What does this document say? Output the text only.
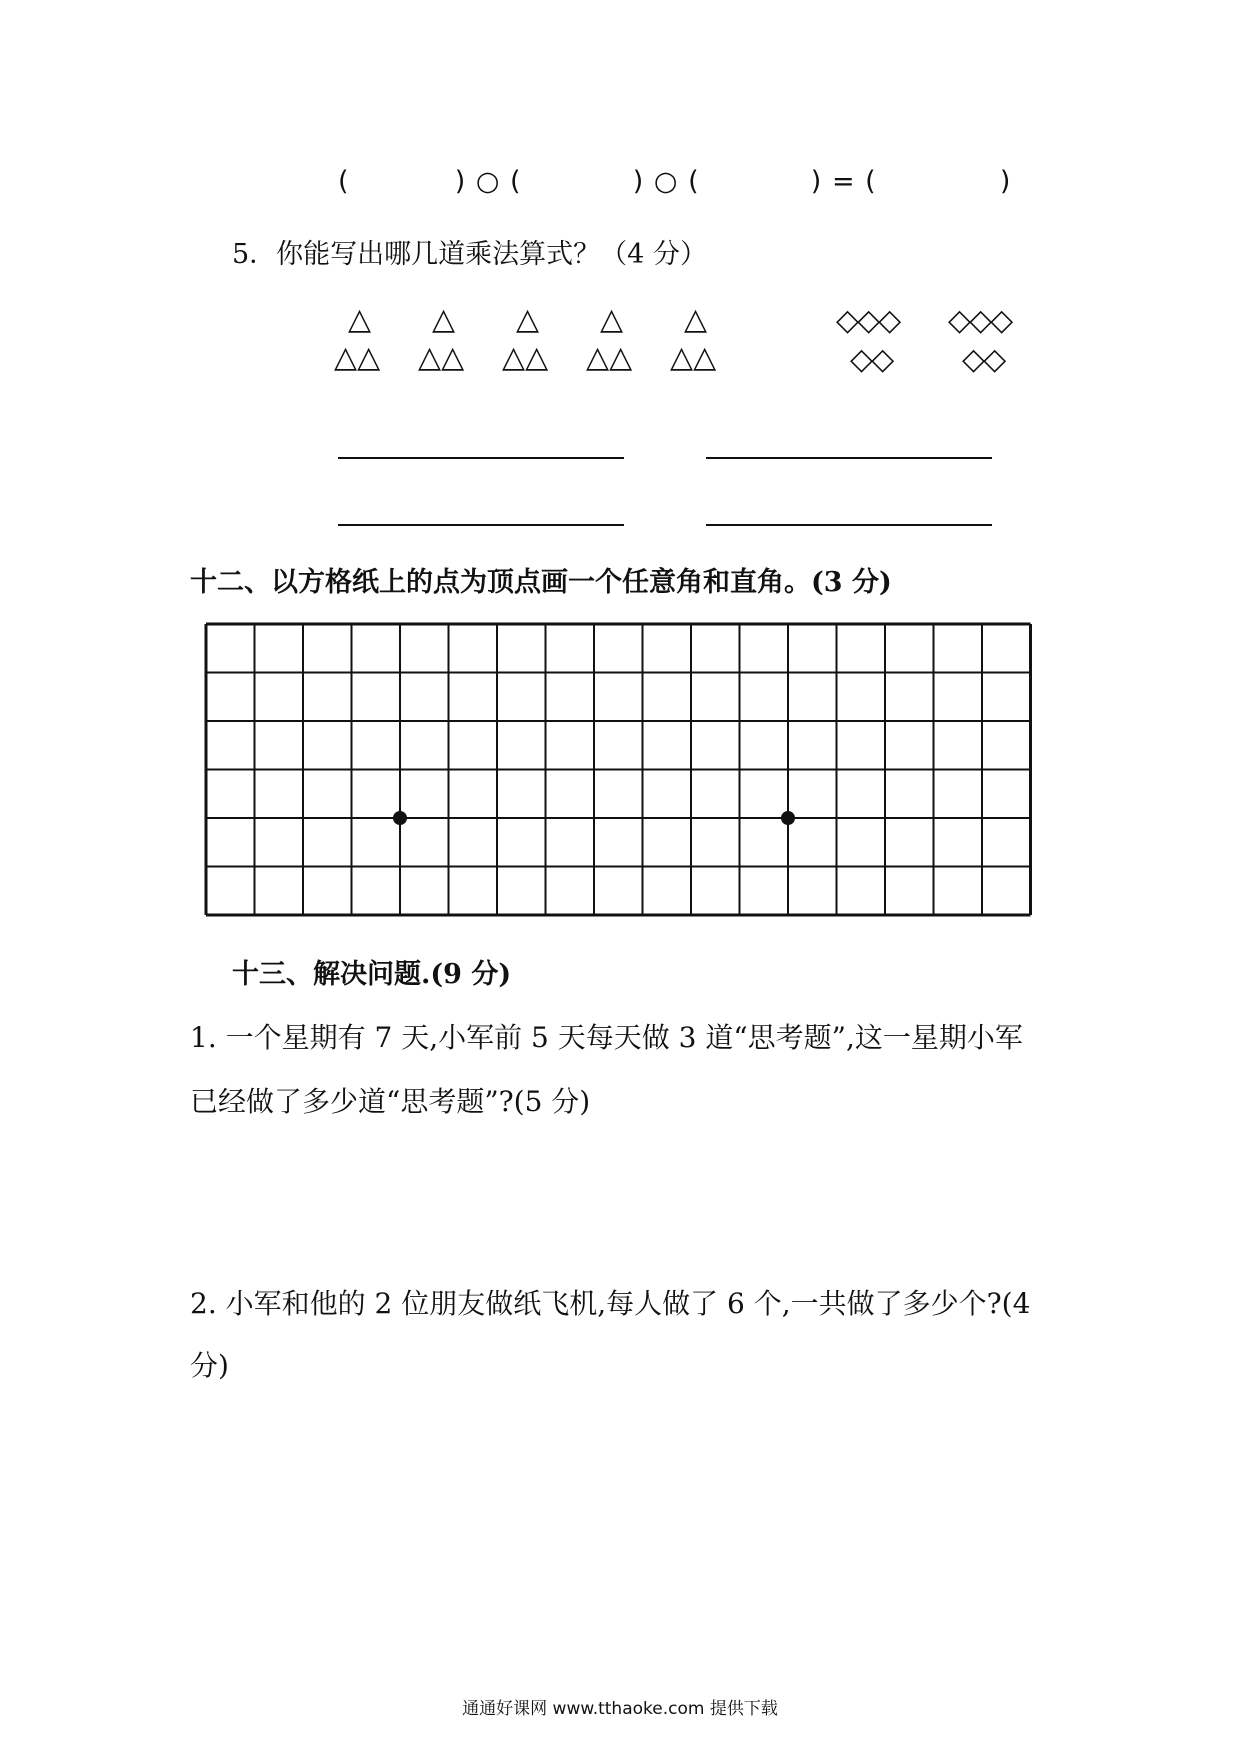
(	) ○ (	) ○ (	) = (	)
5．你能写出哪几道乘法算式？（4 分）
△
△△
△
△△
△
△△
△
△△
△
△△
◇◇◇
◇◇
◇◇◇
◇◇
十二、以方格纸上的点为顶点画一个任意角和直角。(3 分)
十三、解决问题.(9 分)
1. 一个星期有 7 天,小军前 5 天每天做 3 道“思考题”,这一星期小军
已经做了多少道“思考题”?(5 分)
2. 小军和他的 2 位朋友做纸飞机,每人做了 6 个,一共做了多少个?(4
分)
通通好课网 www.tthaoke.com 提供下载
